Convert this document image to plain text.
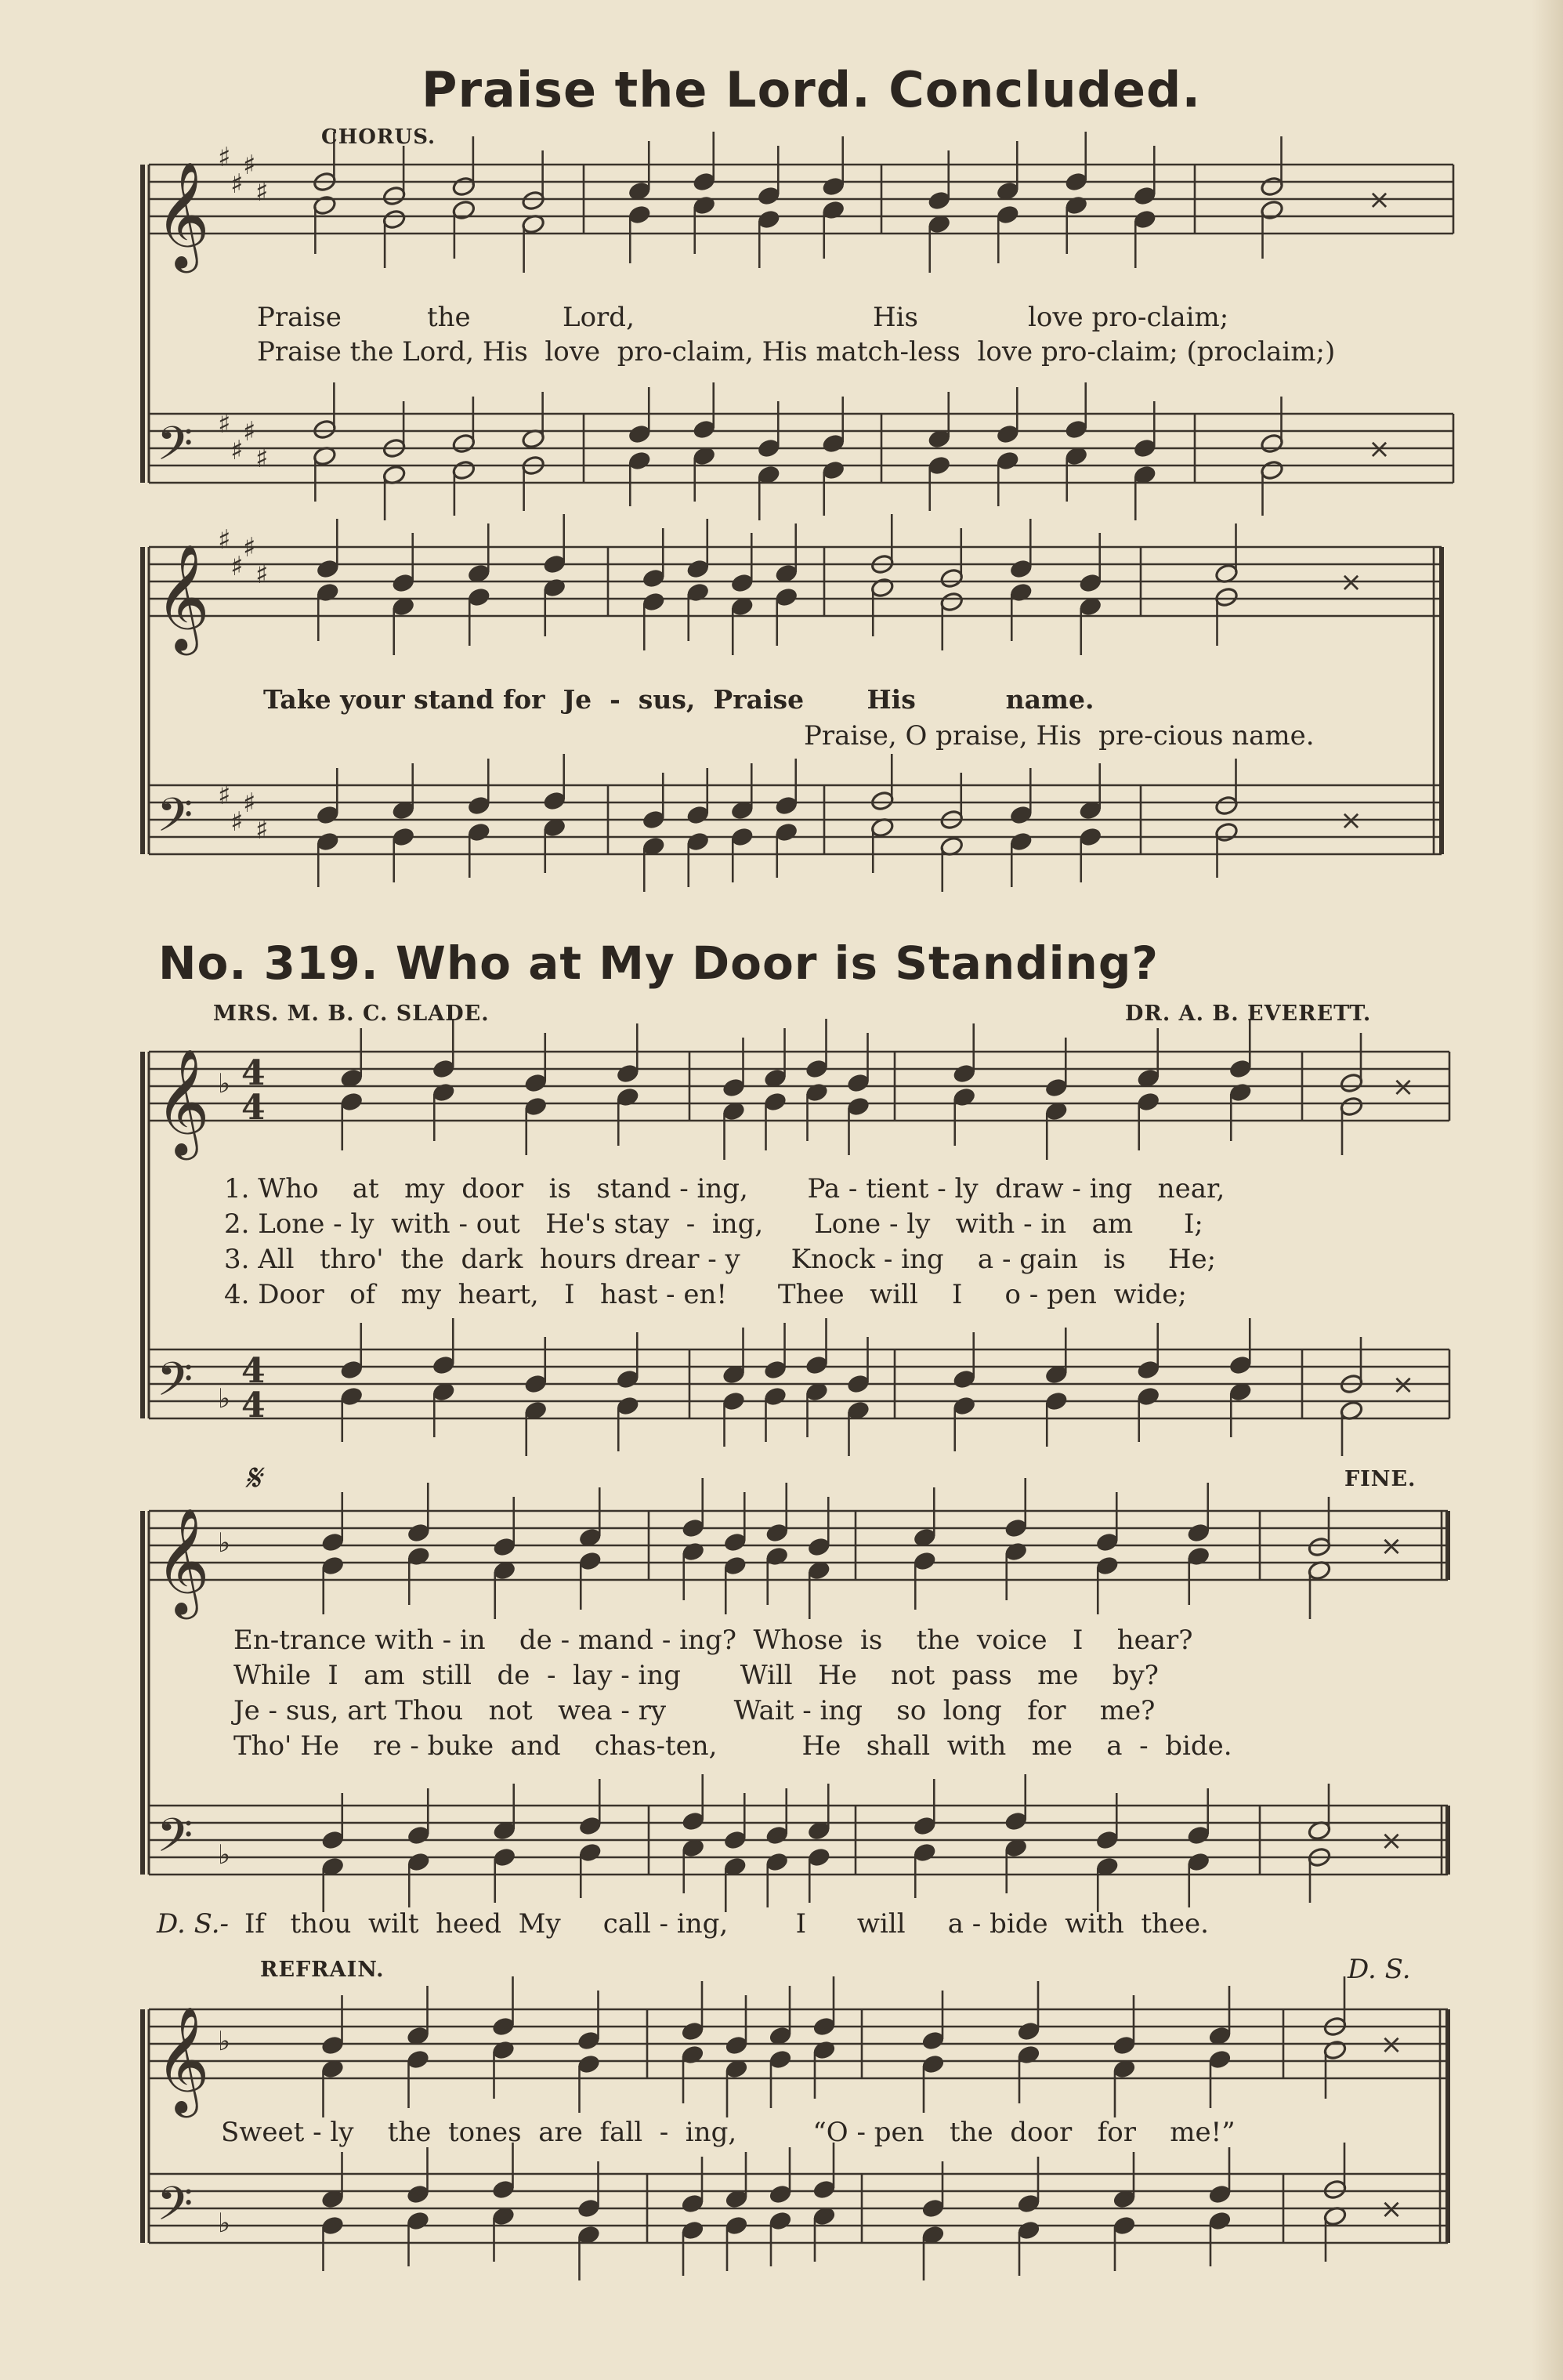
𝄞
𝄢
♯
♯
♯
♯
♯
♯
♯
♯
×
×
𝄞
𝄢
♯
♯
♯
♯
♯
♯
♯
♯
×
×
𝄞
𝄢
♭
♭
4
4
4
4
×
×
𝄞
𝄢
♭
♭
×
×
𝄞
𝄢
♭
♭
×
×
Praise the Lord. Concluded.
CHORUS.
Praise	the	Lord,	His	love pro-claim;
Praise the Lord, His  love  pro-claim, His match-less  love pro-claim; (proclaim;)
Take your stand for  Je  -  sus,  Praise       His          name.
Praise, O praise, His  pre-cious name.
No. 319. Who at My Door is Standing?
MRS. M. B. C. SLADE.	DR. A. B. EVERETT.
1. Who    at   my  door   is   stand - ing,       Pa - tient - ly  draw - ing   near,
2. Lone - ly  with - out   He's stay  -  ing,      Lone - ly   with - in   am      I;
3. All   thro'  the  dark  hours drear - y      Knock - ing    a - gain   is     He;
4. Door   of   my  heart,   I   hast - en!      Thee   will    I     o - pen  wide;
𝄋	FINE.
En-trance with - in    de - mand - ing?  Whose  is    the  voice   I    hear?
While  I   am  still   de  -  lay - ing       Will   He    not  pass   me    by?
Je - sus, art Thou   not   wea - ry        Wait - ing    so  long   for    me?
Tho' He    re - buke  and    chas-ten,          He   shall  with   me    a  -  bide.
D. S.- If   thou  wilt  heed  My     call - ing,        I      will     a - bide  with  thee.
REFRAIN.	D. S.
Sweet - ly    the  tones  are  fall  -  ing,         “O - pen   the  door   for    me!”
